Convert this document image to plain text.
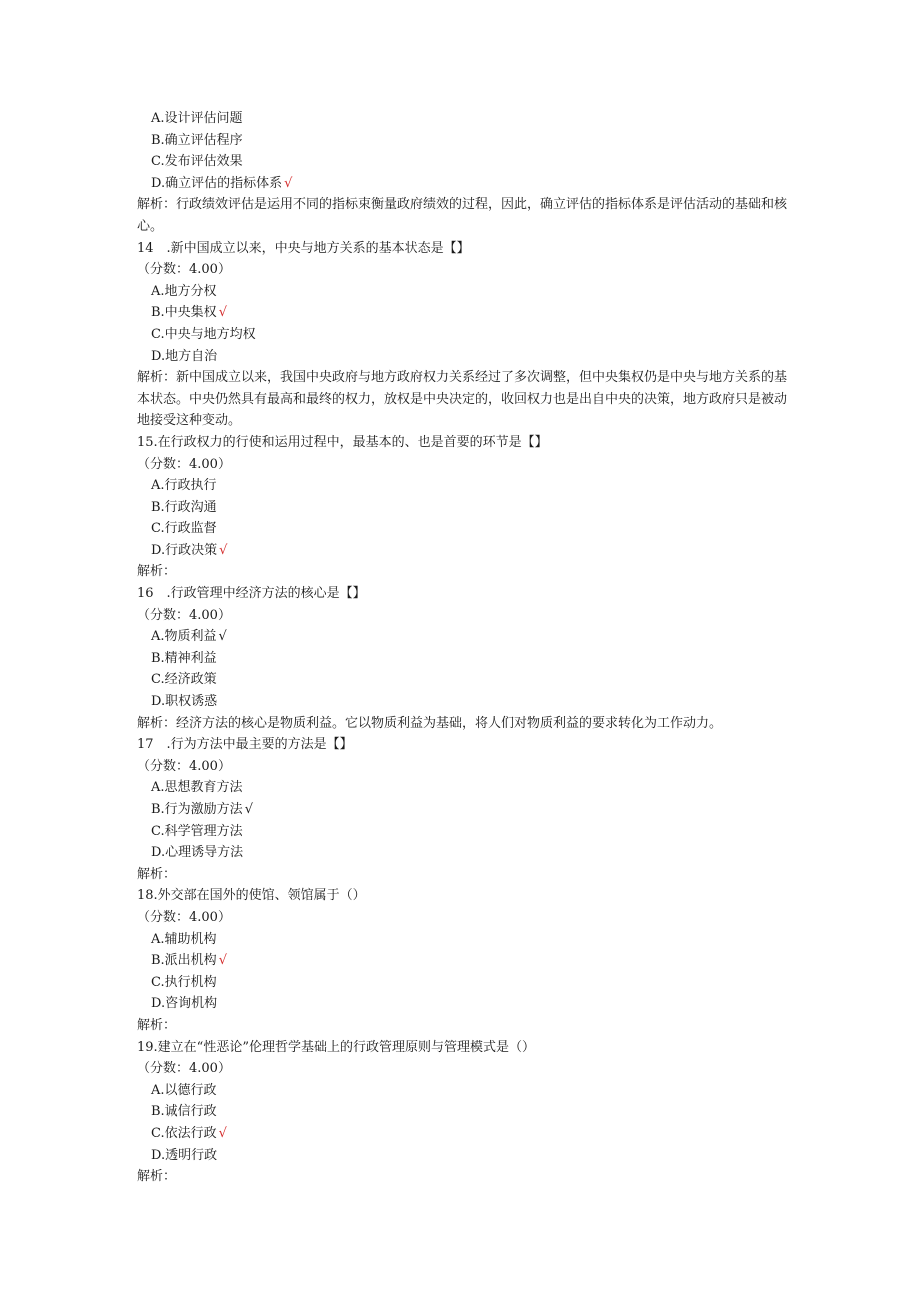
A.设计评估问题
B.确立评估程序
C.发布评估效果
D.确立评估的指标体系 √
解析：行政绩效评估是运用不同的指标束衡量政府绩效的过程，因此，确立评估的指标体系是评估活动的基础和核心。
14　.新中国成立以来，中央与地方关系的基本状态是【】
（分数：4.00）
A.地方分权
B.中央集权 √
C.中央与地方均权
D.地方自治
解析：新中国成立以来，我国中央政府与地方政府权力关系经过了多次调整，但中央集权仍是中央与地方关系的基本状态。中央仍然具有最高和最终的权力，放权是中央决定的，收回权力也是出自中央的决策，地方政府只是被动地接受这种变动。
15.在行政权力的行使和运用过程中，最基本的、也是首要的环节是【】
（分数：4.00）
A.行政执行
B.行政沟通
C.行政监督
D.行政决策 √
解析：
16　.行政管理中经济方法的核心是【】
（分数：4.00）
A.物质利益 √
B.精神利益
C.经济政策
D.职权诱惑
解析：经济方法的核心是物质利益。它以物质利益为基础，将人们对物质利益的要求转化为工作动力。
17　.行为方法中最主要的方法是【】
（分数：4.00）
A.思想教育方法
B.行为激励方法 √
C.科学管理方法
D.心理诱导方法
解析：
18.外交部在国外的使馆、领馆属于（）
（分数：4.00）
A.辅助机构
B.派出机构 √
C.执行机构
D.咨询机构
解析：
19.建立在“性恶论”伦理哲学基础上的行政管理原则与管理模式是（）
（分数：4.00）
A.以德行政
B.诚信行政
C.依法行政 √
D.透明行政
解析：
